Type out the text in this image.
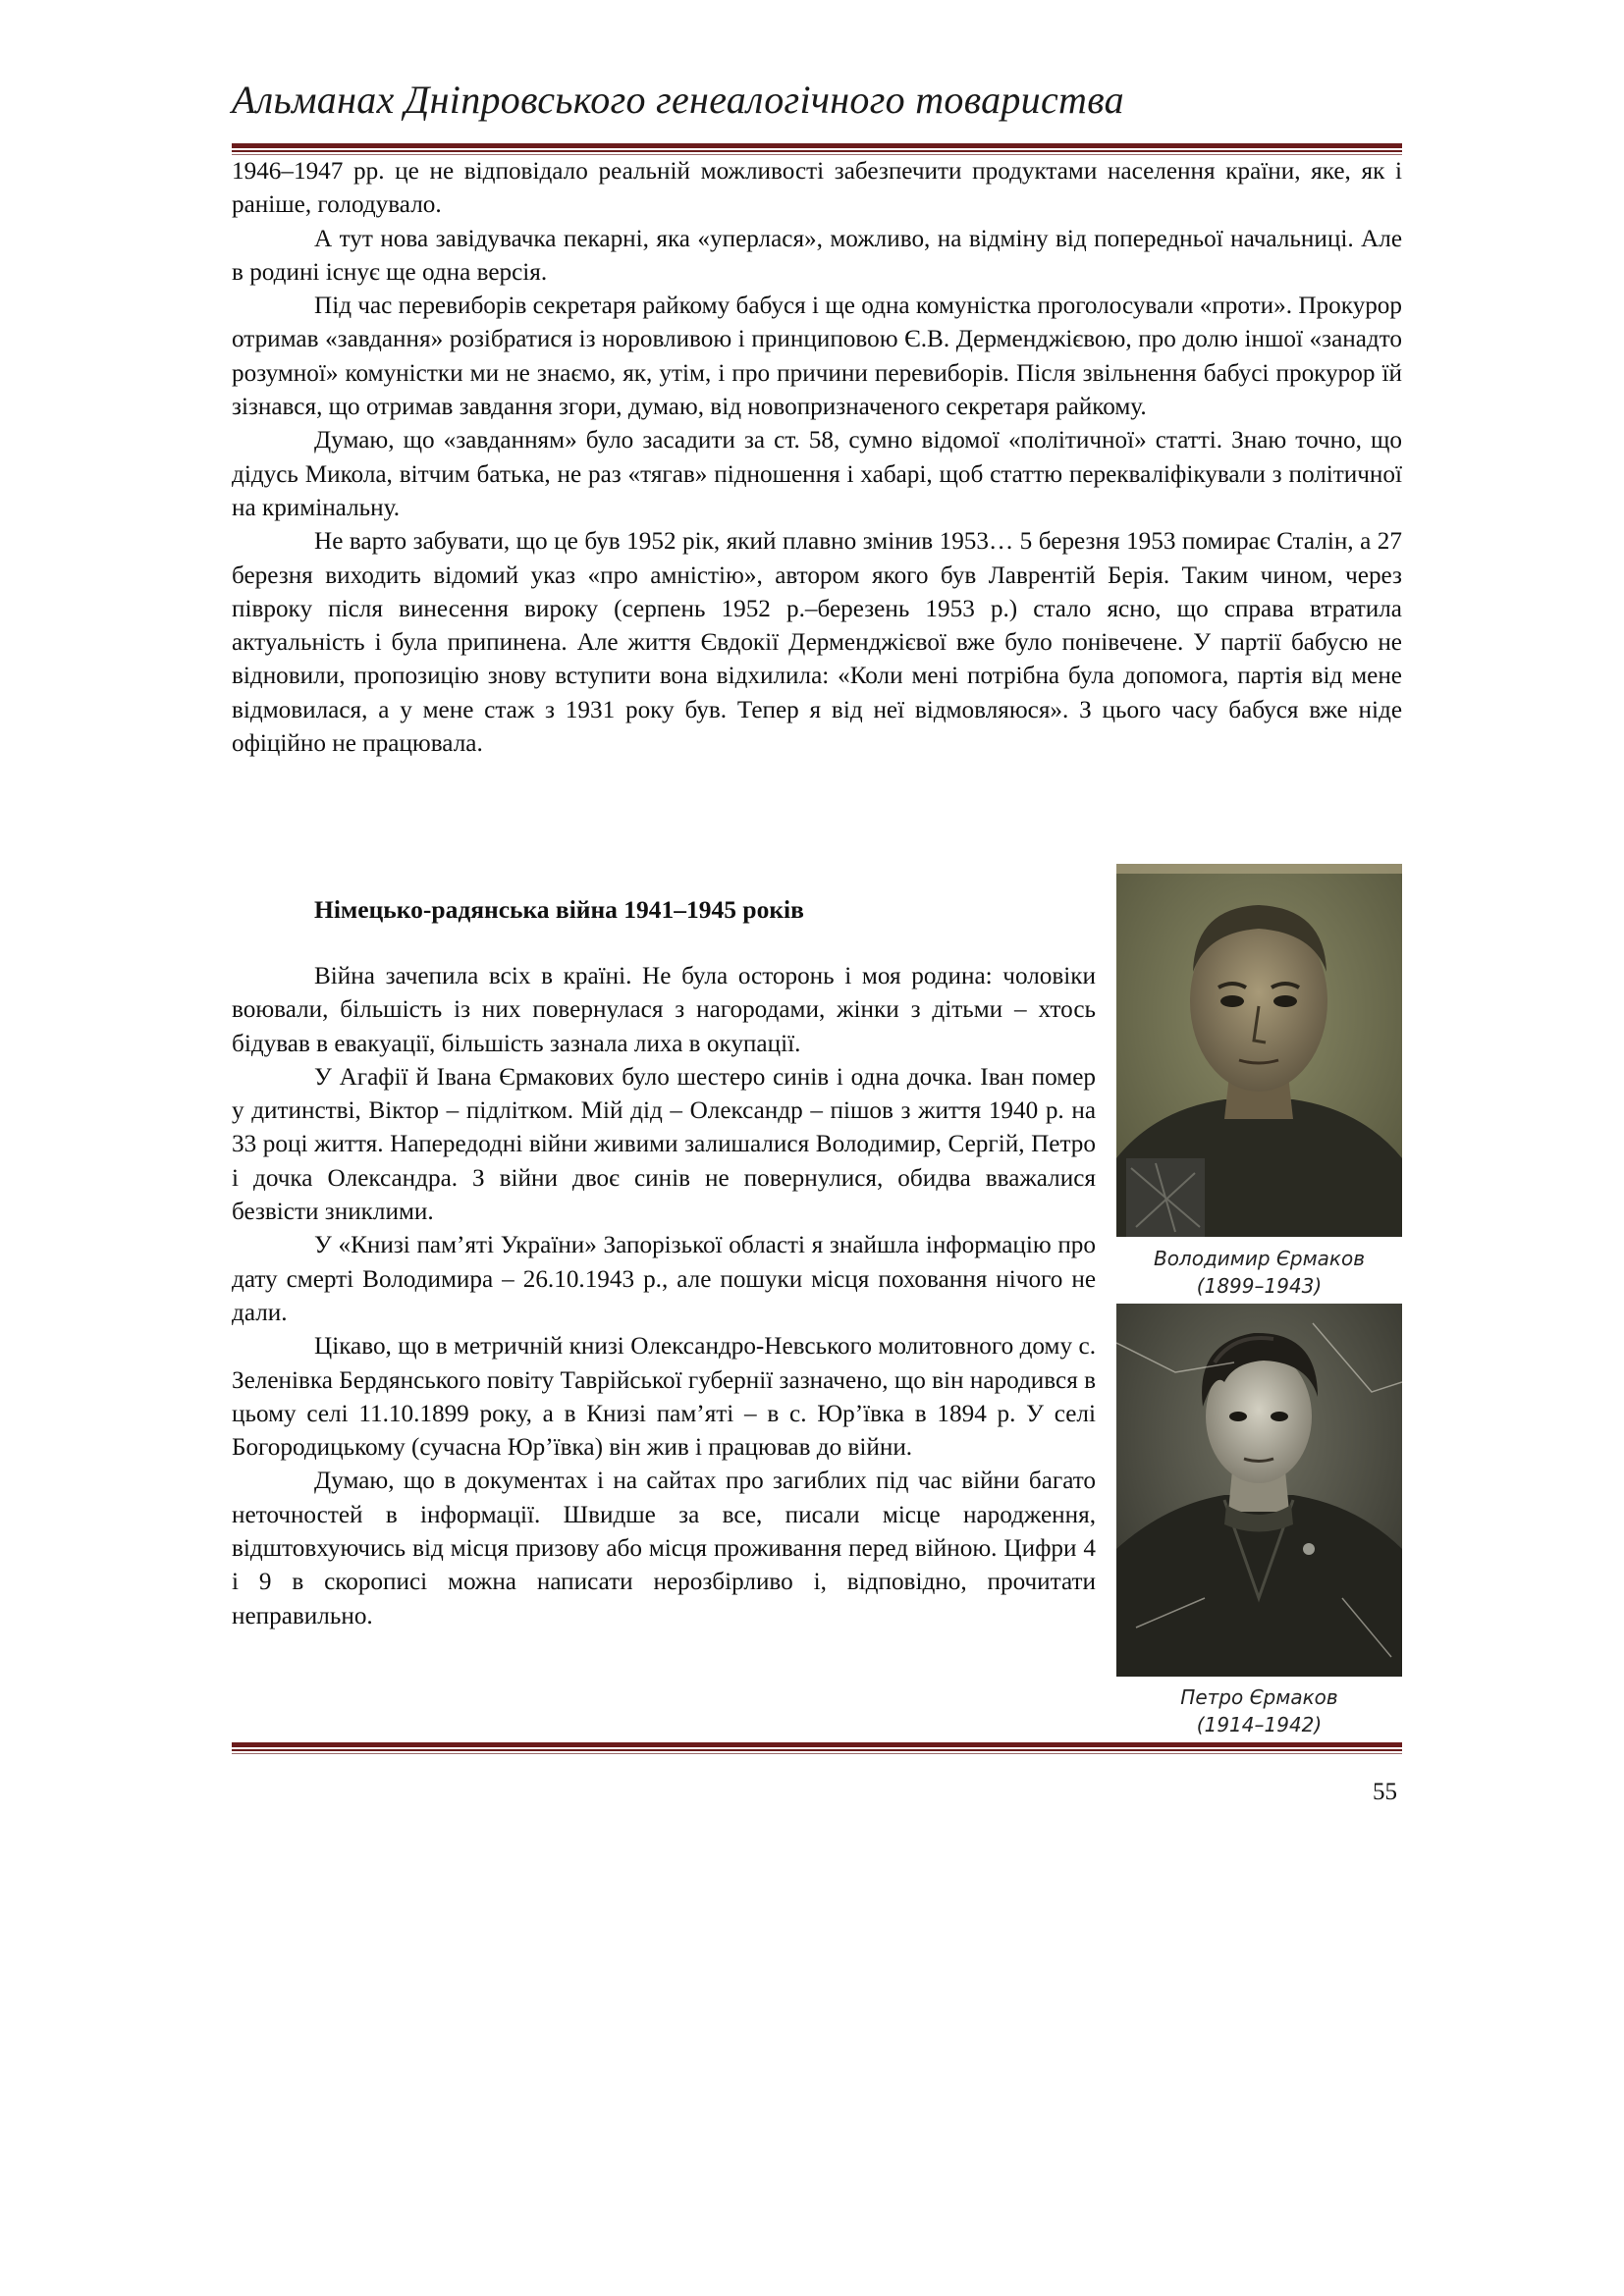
Альманах Дніпровського генеалогічного товариства

1946–1947 рр. це не відповідало реальній можливості забезпечити продуктами населення країни, яке, як і раніше, голодувало.

А тут нова завідувачка пекарні, яка «уперлася», можливо, на відміну від попередньої начальниці. Але в родині існує ще одна версія.

Під час перевиборів секретаря райкому бабуся і ще одна комуністка проголосували «проти». Прокурор отримав «завдання» розібратися із норовливою і принциповою Є.В. Дерменджієвою, про долю іншої «занадто розумної» комуністки ми не знаємо, як, утім, і про причини перевиборів. Після звільнення бабусі прокурор їй зізнався, що отримав завдання згори, думаю, від новопризначеного секретаря райкому.

Думаю, що «завданням» було засадити за ст. 58, сумно відомої «політичної» статті. Знаю точно, що дідусь Микола, вітчим батька, не раз «тягав» підношення і хабарі, щоб статтю перекваліфікували з політичної на кримінальну.

Не варто забувати, що це був 1952 рік, який плавно змінив 1953… 5 березня 1953 помирає Сталін, а 27 березня виходить відомий указ «про амністію», автором якого був Лаврентій Берія. Таким чином, через півроку після винесення вироку (серпень 1952 р.–березень 1953 р.) стало ясно, що справа втратила актуальність і була припинена. Але життя Євдокії Дерменджієвої вже було понівечене. У партії бабусю не відновили, пропозицію знову вступити вона відхилила: «Коли мені потрібна була допомога, партія від мене відмовилася, а у мене стаж з 1931 року був. Тепер я від неї відмовляюся». З цього часу бабуся вже ніде офіційно не працювала.

Німецько-радянська війна 1941–1945 років

Війна зачепила всіх в країні. Не була осторонь і моя родина: чоловіки воювали, більшість із них повернулася з нагородами, жінки з дітьми – хтось бідував в евакуації, більшість зазнала лиха в окупації.

У Агафії й Івана Єрмакових було шестеро синів і одна дочка. Іван помер у дитинстві, Віктор – підлітком. Мій дід – Олександр – пішов з життя 1940 р. на 33 році життя. Напередодні війни живими залишалися Володимир, Сергій, Петро і дочка Олександра. З війни двоє синів не повернулися, обидва вважалися безвісти зниклими.

У «Книзі пам’яті України» Запорізької області я знайшла інформацію про дату смерті Володимира – 26.10.1943 р., але пошуки місця поховання нічого не дали.

Цікаво, що в метричній книзі Олександро-Невського молитовного дому с. Зеленівка Бердянського повіту Таврійської губернії зазначено, що він народився в цьому селі 11.10.1899 року, а в Книзі пам’яті – в с. Юр’ївка в 1894 р. У селі Богородицькому (сучасна Юр’ївка) він жив і працював до війни.

Думаю, що в документах і на сайтах про загиблих під час війни багато неточностей в інформації. Швидше за все, писали місце народження, відштовхуючись від місця призову або місця проживання перед війною. Цифри 4 і 9 в скорописі можна написати нерозбірливо і, відповідно, прочитати неправильно.

Володимир Єрмаков
(1899–1943)
Петро Єрмаков
(1914–1942)
55
